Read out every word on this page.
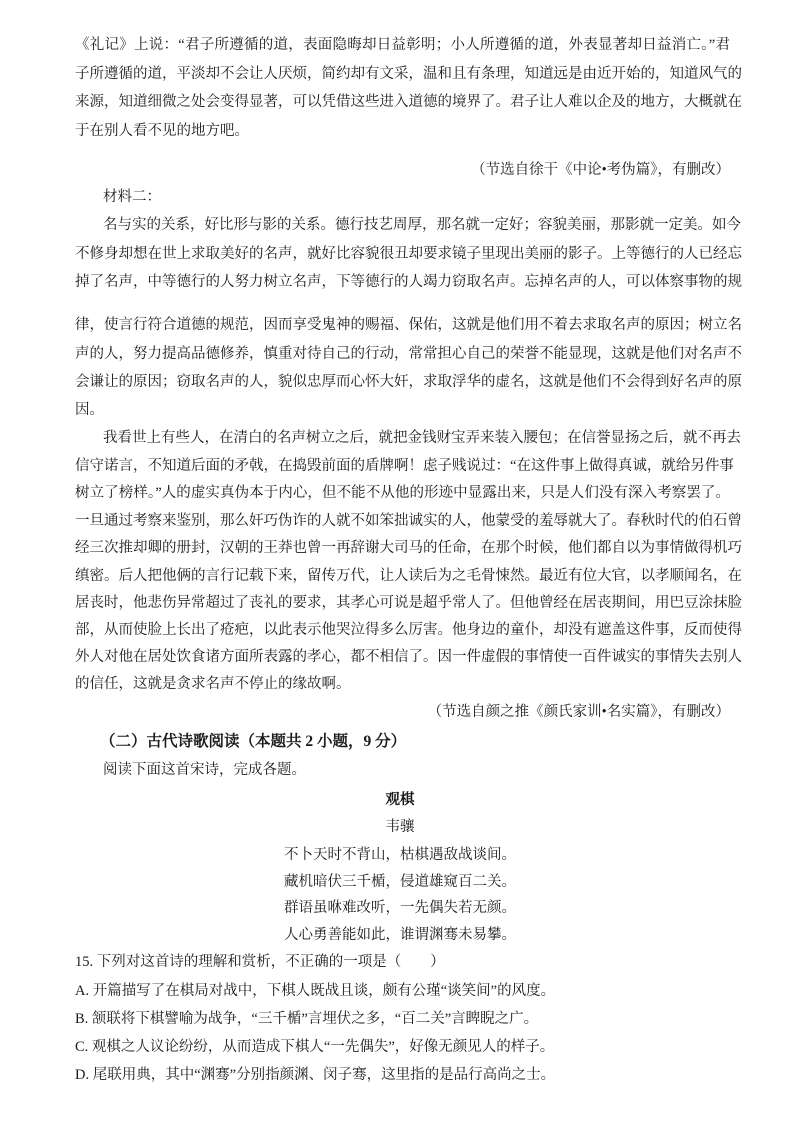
《礼记》上说：“君子所遵循的道，表面隐晦却日益彰明；小人所遵循的道，外表显著却日益消亡。”君
子所遵循的道，平淡却不会让人厌烦，简约却有文采，温和且有条理，知道远是由近开始的，知道风气的
来源，知道细微之处会变得显著，可以凭借这些进入道德的境界了。君子让人难以企及的地方，大概就在
于在别人看不见的地方吧。
（节选自徐干《中论•考伪篇》，有删改）
材料二：
名与实的关系，好比形与影的关系。德行技艺周厚，那名就一定好；容貌美丽，那影就一定美。如今
不修身却想在世上求取美好的名声，就好比容貌很丑却要求镜子里现出美丽的影子。上等德行的人已经忘
掉了名声，中等德行的人努力树立名声，下等德行的人竭力窃取名声。忘掉名声的人，可以体察事物的规
律，使言行符合道德的规范，因而享受鬼神的赐福、保佑，这就是他们用不着去求取名声的原因；树立名
声的人，努力提高品德修养，慎重对待自己的行动，常常担心自己的荣誉不能显现，这就是他们对名声不
会谦让的原因；窃取名声的人，貌似忠厚而心怀大奸，求取浮华的虚名，这就是他们不会得到好名声的原
因。
我看世上有些人，在清白的名声树立之后，就把金钱财宝弄来装入腰包；在信誉显扬之后，就不再去
信守诺言，不知道后面的矛戟，在捣毁前面的盾牌啊！虑子贱说过：“在这件事上做得真诚，就给另件事
树立了榜样。”人的虚实真伪本于内心，但不能不从他的形迹中显露出来，只是人们没有深入考察罢了。
一旦通过考察来鉴别，那么奸巧伪诈的人就不如笨拙诚实的人，他蒙受的羞辱就大了。春秋时代的伯石曾
经三次推却卿的册封，汉朝的王莽也曾一再辞谢大司马的任命，在那个时候，他们都自以为事情做得机巧
缜密。后人把他俩的言行记载下来，留传万代，让人读后为之毛骨悚然。最近有位大官，以孝顺闻名，在
居丧时，他悲伤异常超过了丧礼的要求，其孝心可说是超乎常人了。但他曾经在居丧期间，用巴豆涂抹脸
部，从而使脸上长出了疮疤，以此表示他哭泣得多么厉害。他身边的童仆，却没有遮盖这件事，反而使得
外人对他在居处饮食诸方面所表露的孝心，都不相信了。因一件虚假的事情使一百件诚实的事情失去别人
的信任，这就是贪求名声不停止的缘故啊。
（节选自颜之推《颜氏家训•名实篇》，有删改）
（二）古代诗歌阅读（本题共 2 小题，9 分）
阅读下面这首宋诗，完成各题。
观棋
韦骧
不卜天时不背山，枯棋遇敌战谈间。
藏机暗伏三千楯，侵道雄窥百二关。
群语虽咻难改听，一先偶失若无颜。
人心勇善能如此，谁谓渊骞未易攀。
15. 下列对这首诗的理解和赏析，不正确的一项是（　　）
A. 开篇描写了在棋局对战中，下棋人既战且谈，颇有公瑾“谈笑间”的风度。
B. 颔联将下棋譬喻为战争，“三千楯”言埋伏之多，“百二关”言睥睨之广。
C. 观棋之人议论纷纷，从而造成下棋人“一先偶失”，好像无颜见人的样子。
D. 尾联用典，其中“渊骞”分别指颜渊、闵子骞，这里指的是品行高尚之士。
